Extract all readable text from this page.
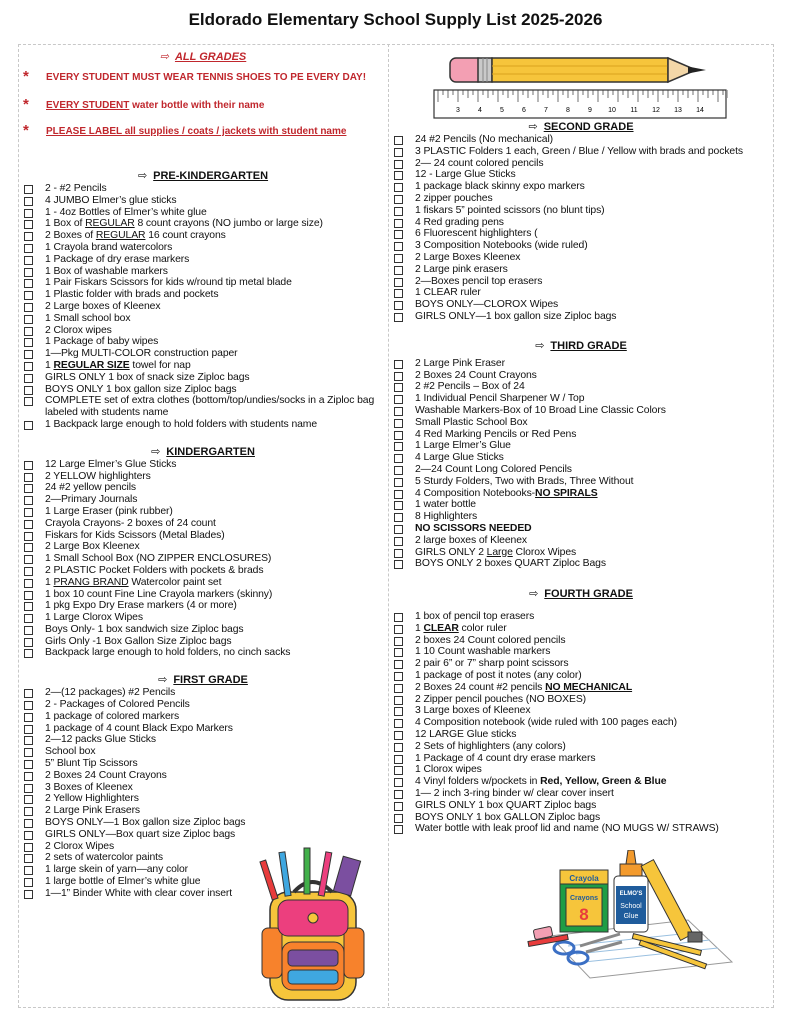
Eldorado Elementary School Supply List 2025-2026
⇨ ALL GRADES
* EVERY STUDENT MUST WEAR TENNIS SHOES TO PE EVERY DAY!
* EVERY STUDENT water bottle with their name
* PLEASE LABEL all supplies / coats / jackets with student name
⇨ PRE-KINDERGARTEN
2 - #2 Pencils
4 JUMBO Elmer’s glue sticks
1 - 4oz Bottles of Elmer’s white glue
1 Box of REGULAR 8 count crayons (NO jumbo or large size)
2 Boxes of REGULAR 16 count crayons
1 Crayola brand watercolors
1 Package of dry erase markers
1 Box of washable markers
1 Pair Fiskars Scissors for kids w/round tip metal blade
1 Plastic folder with brads and pockets
2 Large boxes of Kleenex
1 Small school box
2 Clorox wipes
1 Package of baby wipes
1—Pkg MULTI-COLOR construction paper
1 REGULAR SIZE towel for nap
GIRLS ONLY 1 box of snack size Ziploc bags
BOYS ONLY 1 box gallon size Ziploc bags
COMPLETE set of extra clothes (bottom/top/undies/socks in a Ziploc bag labeled with students name
1 Backpack large enough to hold folders with students name
⇨ KINDERGARTEN
12 Large Elmer’s Glue Sticks
2 YELLOW highlighters
24 #2 yellow pencils
2—Primary Journals
1 Large Eraser (pink rubber)
Crayola Crayons- 2 boxes of 24 count
Fiskars for Kids Scissors (Metal Blades)
2 Large Box Kleenex
1 Small School Box (NO ZIPPER ENCLOSURES)
2 PLASTIC Pocket Folders with pockets & brads
1 PRANG BRAND Watercolor paint set
1 box 10 count Fine Line Crayola markers (skinny)
1 pkg Expo Dry Erase markers (4 or more)
1 Large Clorox Wipes
Boys Only- 1 box sandwich size Ziploc bags
Girls Only -1 Box Gallon Size Ziploc bags
Backpack large enough to hold folders, no cinch sacks
⇨ FIRST GRADE
2—(12 packages) #2 Pencils
2 - Packages of Colored Pencils
1 package of colored markers
1 package of 4 count Black Expo Markers
2—12 packs Glue Sticks
School box
5” Blunt Tip Scissors
2 Boxes 24 Count Crayons
3 Boxes of Kleenex
2 Yellow Highlighters
2 Large Pink Erasers
BOYS ONLY—1 Box gallon size Ziploc bags
GIRLS ONLY—Box quart size Ziploc bags
2 Clorox Wipes
2 sets of watercolor paints
1 large skein of yarn—any color
1 large bottle of Elmer’s white glue
1—1” Binder White with clear cover insert
⇨ SECOND GRADE
24 #2 Pencils (No mechanical)
3 PLASTIC Folders 1 each, Green / Blue / Yellow with brads and pockets
2— 24 count colored pencils
12 - Large Glue Sticks
1 package black skinny expo markers
2 zipper pouches
1 fiskars 5” pointed scissors (no blunt tips)
4 Red grading pens
6 Fluorescent highlighters (
3 Composition Notebooks (wide ruled)
2 Large Boxes Kleenex
2 Large pink erasers
2—Boxes pencil top erasers
1 CLEAR ruler
BOYS ONLY—CLOROX Wipes
GIRLS ONLY—1 box gallon size Ziploc bags
⇨ THIRD GRADE
2 Large Pink Eraser
2 Boxes 24 Count Crayons
2 #2 Pencils – Box of 24
1 Individual Pencil Sharpener W / Top
Washable Markers-Box of 10 Broad Line Classic Colors
Small Plastic School Box
4 Red Marking Pencils or Red Pens
1 Large Elmer’s Glue
4 Large Glue Sticks
2—24 Count Long Colored Pencils
5 Sturdy Folders, Two with Brads, Three Without
4 Composition Notebooks-NO SPIRALS
1 water bottle
8 Highlighters
NO SCISSORS NEEDED
2 large boxes of Kleenex
GIRLS ONLY 2 Large Clorox Wipes
BOYS ONLY 2 boxes QUART Ziploc Bags
⇨ FOURTH GRADE
1 box of pencil top erasers
1 CLEAR color ruler
2 boxes 24 Count colored pencils
1 10 Count washable markers
2 pair 6” or 7” sharp point scissors
1 package of post it notes (any color)
2 Boxes 24 count #2 pencils NO MECHANICAL
2 Zipper pencil pouches (NO BOXES)
3 Large boxes of Kleenex
4 Composition notebook (wide ruled with 100 pages each)
12 LARGE Glue sticks
2 Sets of highlighters (any colors)
1 Package of 4 count dry erase markers
1 Clorox wipes
4 Vinyl folders w/pockets in Red, Yellow, Green & Blue
1— 2 inch 3-ring binder w/ clear cover insert
GIRLS ONLY 1 box QUART Ziploc bags
BOYS ONLY 1 box GALLON Ziploc bags
Water bottle with leak proof lid and name (NO MUGS W/ STRAWS)
3	4	5	6	7	8	9 10 11 12 13 14
Crayola
Crayons
8
ELMO'S
School
Glue
